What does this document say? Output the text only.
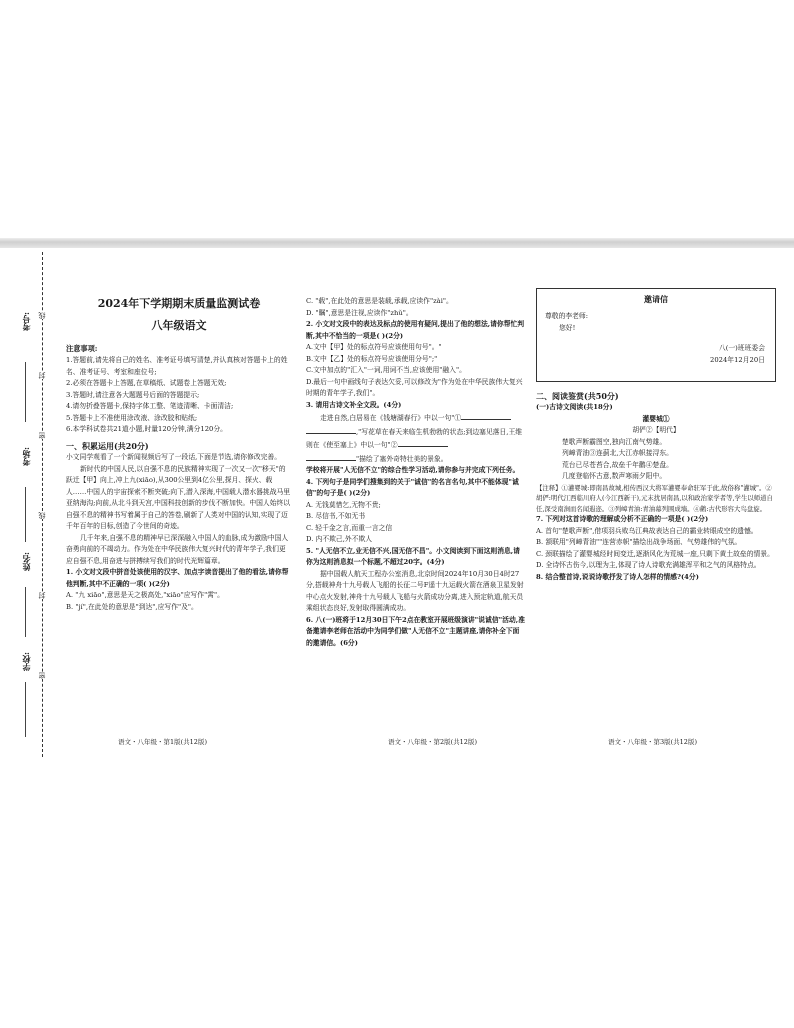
考号:
考场:
姓名:
学校:
线
封
密
线
封
密

2024年下学期期末质量监测试卷

八年级语文

注意事项:

1.答题前,请先将自己的姓名、准考证号填写清楚,并认真核对答题卡上的姓名、准考证号、考室和座位号;

2.必须在答题卡上答题,在草稿纸、试题卷上答题无效;

3.答题时,请注意各大题题号后面的答题提示;

4.请勿折叠答题卡,保持字体工整、笔迹清晰、卡面清洁;

5.答题卡上不准使用涂改液、涂改胶和贴纸;

6.本学科试卷共21道小题,时量120分钟,满分120分。

一、积累运用(共20分)

小文同学观看了一个新闻视频后写了一段话,下面是节选,请你修改完善。

新时代的中国人民,以自强不息的民族精神实现了一次又一次"移天"的跃迁【甲】向上,冲上九(xiāo),从300公里到4亿公里,探月、探火、载人……中国人的宇宙探索不断突破;向下,潜入深海,中国载人潜水器挑战马里亚纳海沟;向前,从北斗到天宫,中国科技创新的步伐不断加快。中国人始终以自强不息的精神书写着属于自己的答卷,刷新了人类对中国的认知,实现了迈千年百年的目标,创造了今世间的奇迹。

几千年来,自强不息的精神早已深深融入中国人的血脉,成为激励中国人奋勇向前的不竭动力。作为处在中华民族伟大复兴时代的青年学子,我们更应自强不息,用奋进与拼搏续写我们的时代光辉篇章。

1. 小文对文段中拼音处该使用的汉字、加点字读音提出了他的看法,请你帮他判断,其中不正确的一项( )(2分)

A. "九 xiāo",意思是天之极高处,"xiāo"应写作"霄"。

B. "jí",在此处的意思是"到达",应写作"及"。

语文・八年级・第1版(共12版)

C. "载",在此处的意思是装载,承载,应读作"zài"。

D. "瞩",意思是注视,应读作"zhǔ"。

2. 小文对文段中的表达及标点的使用有疑问,提出了他的想法,请你帮忙判断,其中不恰当的一项是( )(2分)

A.文中【甲】处的标点符号应该使用句号"。"

B.文中【乙】处的标点符号应该使用分号";"

C.文中加点的"汇入"一词,用词不当,应该使用"融入"。

D.最后一句中画线句子表达欠妥,可以修改为"作为处在中华民族伟大复兴时期的青年学子,我们"。

3. 请用古诗文补全文段。(4分)

走进自然,白居易在《钱塘湖春行》中以一句"①

,"写花草在春天来临生机勃勃的状态;到边塞见落日,王维则在《使至塞上》中以一句"②

"描绘了塞外奇特壮美的景象。

学校将开展"人无信不立"的综合性学习活动,请你参与并完成下列任务。

4. 下列句子是同学们搜集到的关于"诚信"的名言名句,其中不能体现"诚信"的句子是( )(2分)

A. 无钱莫惜乞,无物不贵;

B. 尽信书,不如无书

C. 轻千金之言,而重一言之信

D. 内不欺己,外不欺人

5. "人无信不立,业无信不兴,国无信不昌"。小文阅读到下面这则消息,请你为这则消息拟一个标题,不超过20字。(4分)

据中国载人航天工程办公室消息,北京时间2024年10月30日4时27分,搭载神舟十九号载人飞船的长征二号F遥十九运载火箭在酒泉卫星发射中心点火发射,神舟十九号载人飞船与火箭成功分离,进入预定轨道,航天员乘组状态良好,发射取得圆满成功。

6. 八(一)班将于12月30日下午2点在教室开展班级演讲"说诚信"活动,准备邀请李老师在活动中为同学们做"人无信不立"主题讲座,请你补全下面的邀请信。(6分)

语文・八年级・第2版(共12版)

邀请信

尊敬的李老师:

您好!

八(一)班班委会

2024年12月20日

二、阅读鉴赏(共50分)

(一)古诗文阅读(共18分)

灌婴城①

胡俨②【明代】

楚歌声断霸图空,独向江南气势雄。

列嶂青油③连蓟北,大江赤帜接浔东。

荒台已尽苍苔合,故垒千年鹳④楚盘。

几度登临怀古意,数声寒雨夕阳中。

【注释】①灌婴城:即南昌故城,相传西汉大将军灌婴奉命驻军于此,故俗称"灌城"。②胡俨:明代江西临川府人(今江西新干),元末扰居南昌,以和政治家学者等,学生以师道自任,深受南涧而名闻遐迩。③列嶂青油:青油幕列围成墙。④鹳:古代形容大鸟盘旋。

7. 下列对这首诗歌的理解或分析不正确的一项是( )(2分)

A. 首句"楚歌声断",借项羽兵败乌江典故表达自己的霸业转眼成空的遗憾。

B. 颔联用"列嶂青油""连营赤帜"描绘出战争场面、气势雄伟的气氛。

C. 颈联描绘了灌婴城经时间变迁,逐渐风化为荒城一座,只剩下黄土故垒的情景。

D. 全诗怀古伤今,以理为主,体现了诗人诗歌充满雄浑平和之气的风格特点。

8. 结合整首诗,说说诗歌抒发了诗人怎样的情感?(4分)

语文・八年级・第3版(共12版)
